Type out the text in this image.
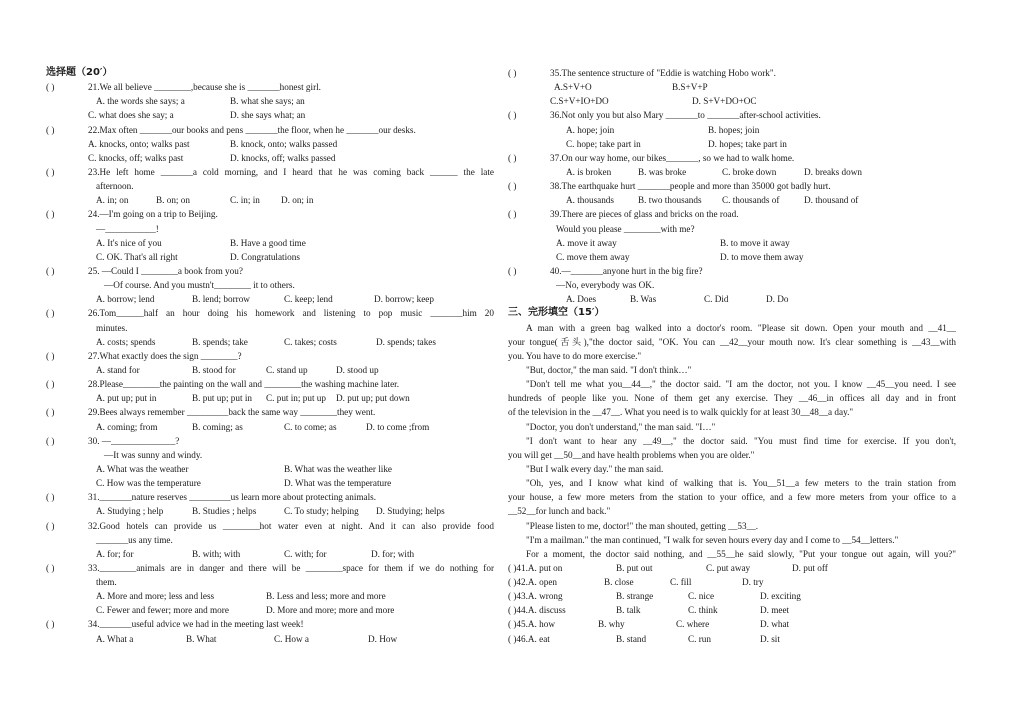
选择题（20′）
( )	21.We all believe ________,because she is _______honest girl.
A. the words she says; a	B. what she says; an
C. what does she say; a	D. she says what; an
( )	22.Max often _______our books and pens _______the floor, when he _______our desks.
A. knocks, onto; walks past	B. knock, onto; walks passed
C. knocks, off; walks past	D. knocks, off; walks passed
( )	23.He left home _______a cold morning, and I heard that he was coming back ______ the late
afternoon.
A. in; on	B. on; on	C. in; in D. on; in
( )	24.—I'm going on a trip to Beijing.
—___________!
A. It's nice of you	B. Have a good time
C. OK. That's all right	D. Congratulations
( )	25. —Could I ________a book from you?
—Of course. And you mustn't________ it to others.
A. borrow; lend	B. lend; borrow	C. keep; lend	D. borrow; keep
( )	26.Tom______half an hour doing his homework and listening to pop music _______him 20
minutes.
A. costs; spends	B. spends; take	C. takes; costs	D. spends; takes
( )	27.What exactly does the sign ________?
A. stand for	B. stood for	C. stand up	D. stood up
( )	28.Please________the painting on the wall and ________the washing machine later.
A. put up; put in	B. put up; put in C. put in; put up D. put up; put down
( )	29.Bees always remember _________back the same way ________they went.
A. coming; from	B. coming; as	C. to come; as	D. to come ;from
( )	30. —______________?
—It was sunny and windy.
A. What was the weather	B. What was the weather like
C. How was the temperature	D. What was the temperature
( )	31._______nature reserves _________us learn more about protecting animals.
A. Studying ; help	B. Studies ; helps	C. To study; helping D. Studying; helps
( )	32.Good hotels can provide us ________hot water even at night. And it can also provide food
_______us any time.
A. for; for	B. with; with	C. with; for	D. for; with
( )	33.________animals are in danger and there will be ________space for them if we do nothing for
them.
A. More and more; less and less	B. Less and less; more and more
C. Fewer and fewer; more and more	D. More and more; more and more
( )	34._______useful advice we had in the meeting last week!
A. What a	B. What	C. How a	D. How
( )	35.The sentence structure of "Eddie is watching Hobo work".
A.S+V+O	B.S+V+P
C.S+V+IO+DO	D. S+V+DO+OC
( )	36.Not only you but also Mary _______to _______after-school activities.
A. hope; join	B. hopes; join
C. hope; take part in	D. hopes; take part in
( )	37.On our way home, our bikes_______, so we had to walk home.
A. is broken	B. was broke	C. broke down	D. breaks down
( )	38.The earthquake hurt _______people and more than 35000 got badly hurt.
A. thousands	B. two thousands C. thousands of	D. thousand of
( )	39.There are pieces of glass and bricks on the road.
Would you please ________with me?
A. move it away	B. to move it away
C. move them away	D. to move them away
( )	40.—_______anyone hurt in the big fire?
—No, everybody was OK.
A. Does	B. Was	C. Did	D. Do
三、完形填空（15′）
A man with a green bag walked into a doctor's room. "Please sit down. Open your mouth and __41__
your tongue(舌头),"the doctor said, "OK. You can __42__your mouth now. It's clear something is __43__with
you. You have to do more exercise."
"But, doctor," the man said. "I don't think…"
"Don't tell me what you__44__," the doctor said. "I am the doctor, not you. I know __45__you need. I see
hundreds of people like you. None of them get any exercise. They __46__in offices all day and in front
of the television in the __47__. What you need is to walk quickly for at least 30__48__a day."
"Doctor, you don't understand," the man said. "I…"
"I don't want to hear any __49__," the doctor said. "You must find time for exercise. If you don't,
you will get __50__and have health problems when you are older."
"But I walk every day." the man said.
"Oh, yes, and I know what kind of walking that is. You__51__a few meters to the train station from
your house, a few more meters from the station to your office, and a few more meters from your office to a
__52__for lunch and back."
"Please listen to me, doctor!" the man shouted, getting __53__.
"I'm a mailman." the man continued, "I walk for seven hours every day and I come to __54__letters."
For a moment, the doctor said nothing, and __55__he said slowly, "Put your tongue out again, will you?"
( )41.A. put on	B. put out	C. put away	D. put off
( )42.A. open	B. close	C. fill	D. try
( )43.A. wrong	B. strange	C. nice	D. exciting
( )44.A. discuss	B. talk	C. think	D. meet
( )45.A. how	B. why	C. where	D. what
( )46.A. eat	B. stand	C. run	D. sit
